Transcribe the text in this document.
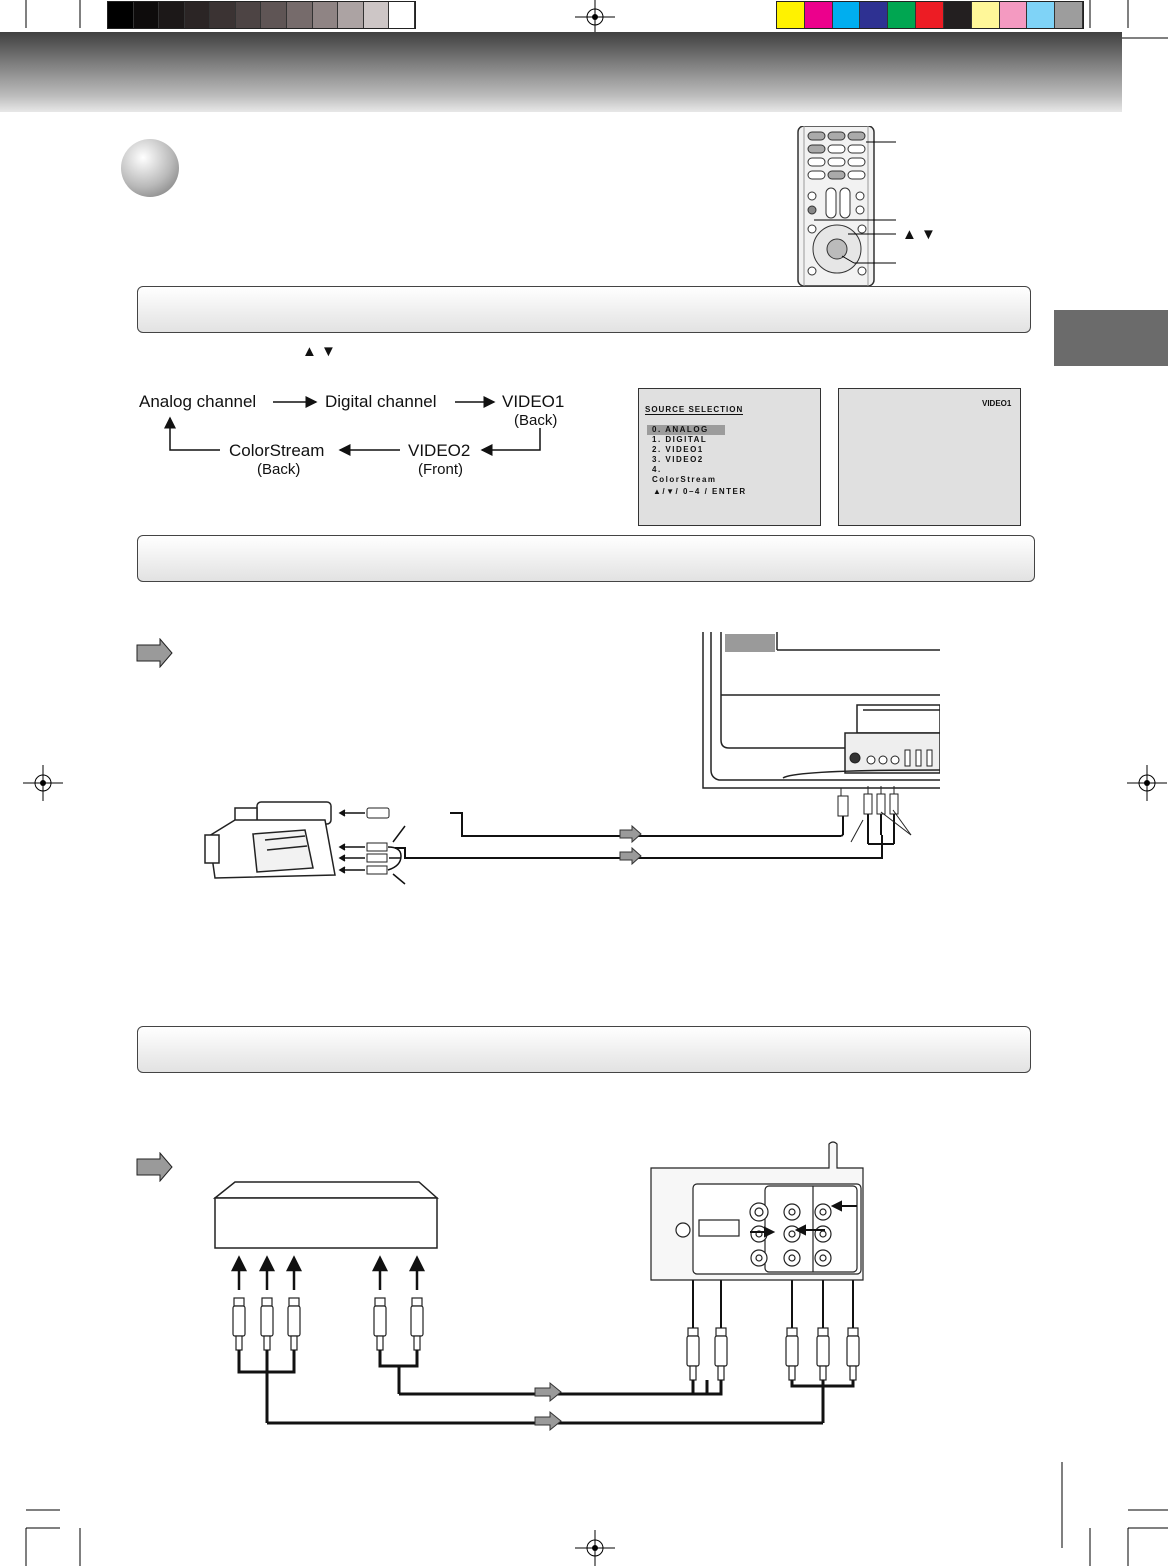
▲ ▼
▲ ▼
Analog channel	Digital channel	VIDEO1
(Back)
ColorStream
(Back)
VIDEO2
(Front)
SOURCE SELECTION
0. ANALOG
1. DIGITAL
2. VIDEO1
3. VIDEO2
4. ColorStream
▲/▼/ 0–4 / ENTER
VIDEO1
